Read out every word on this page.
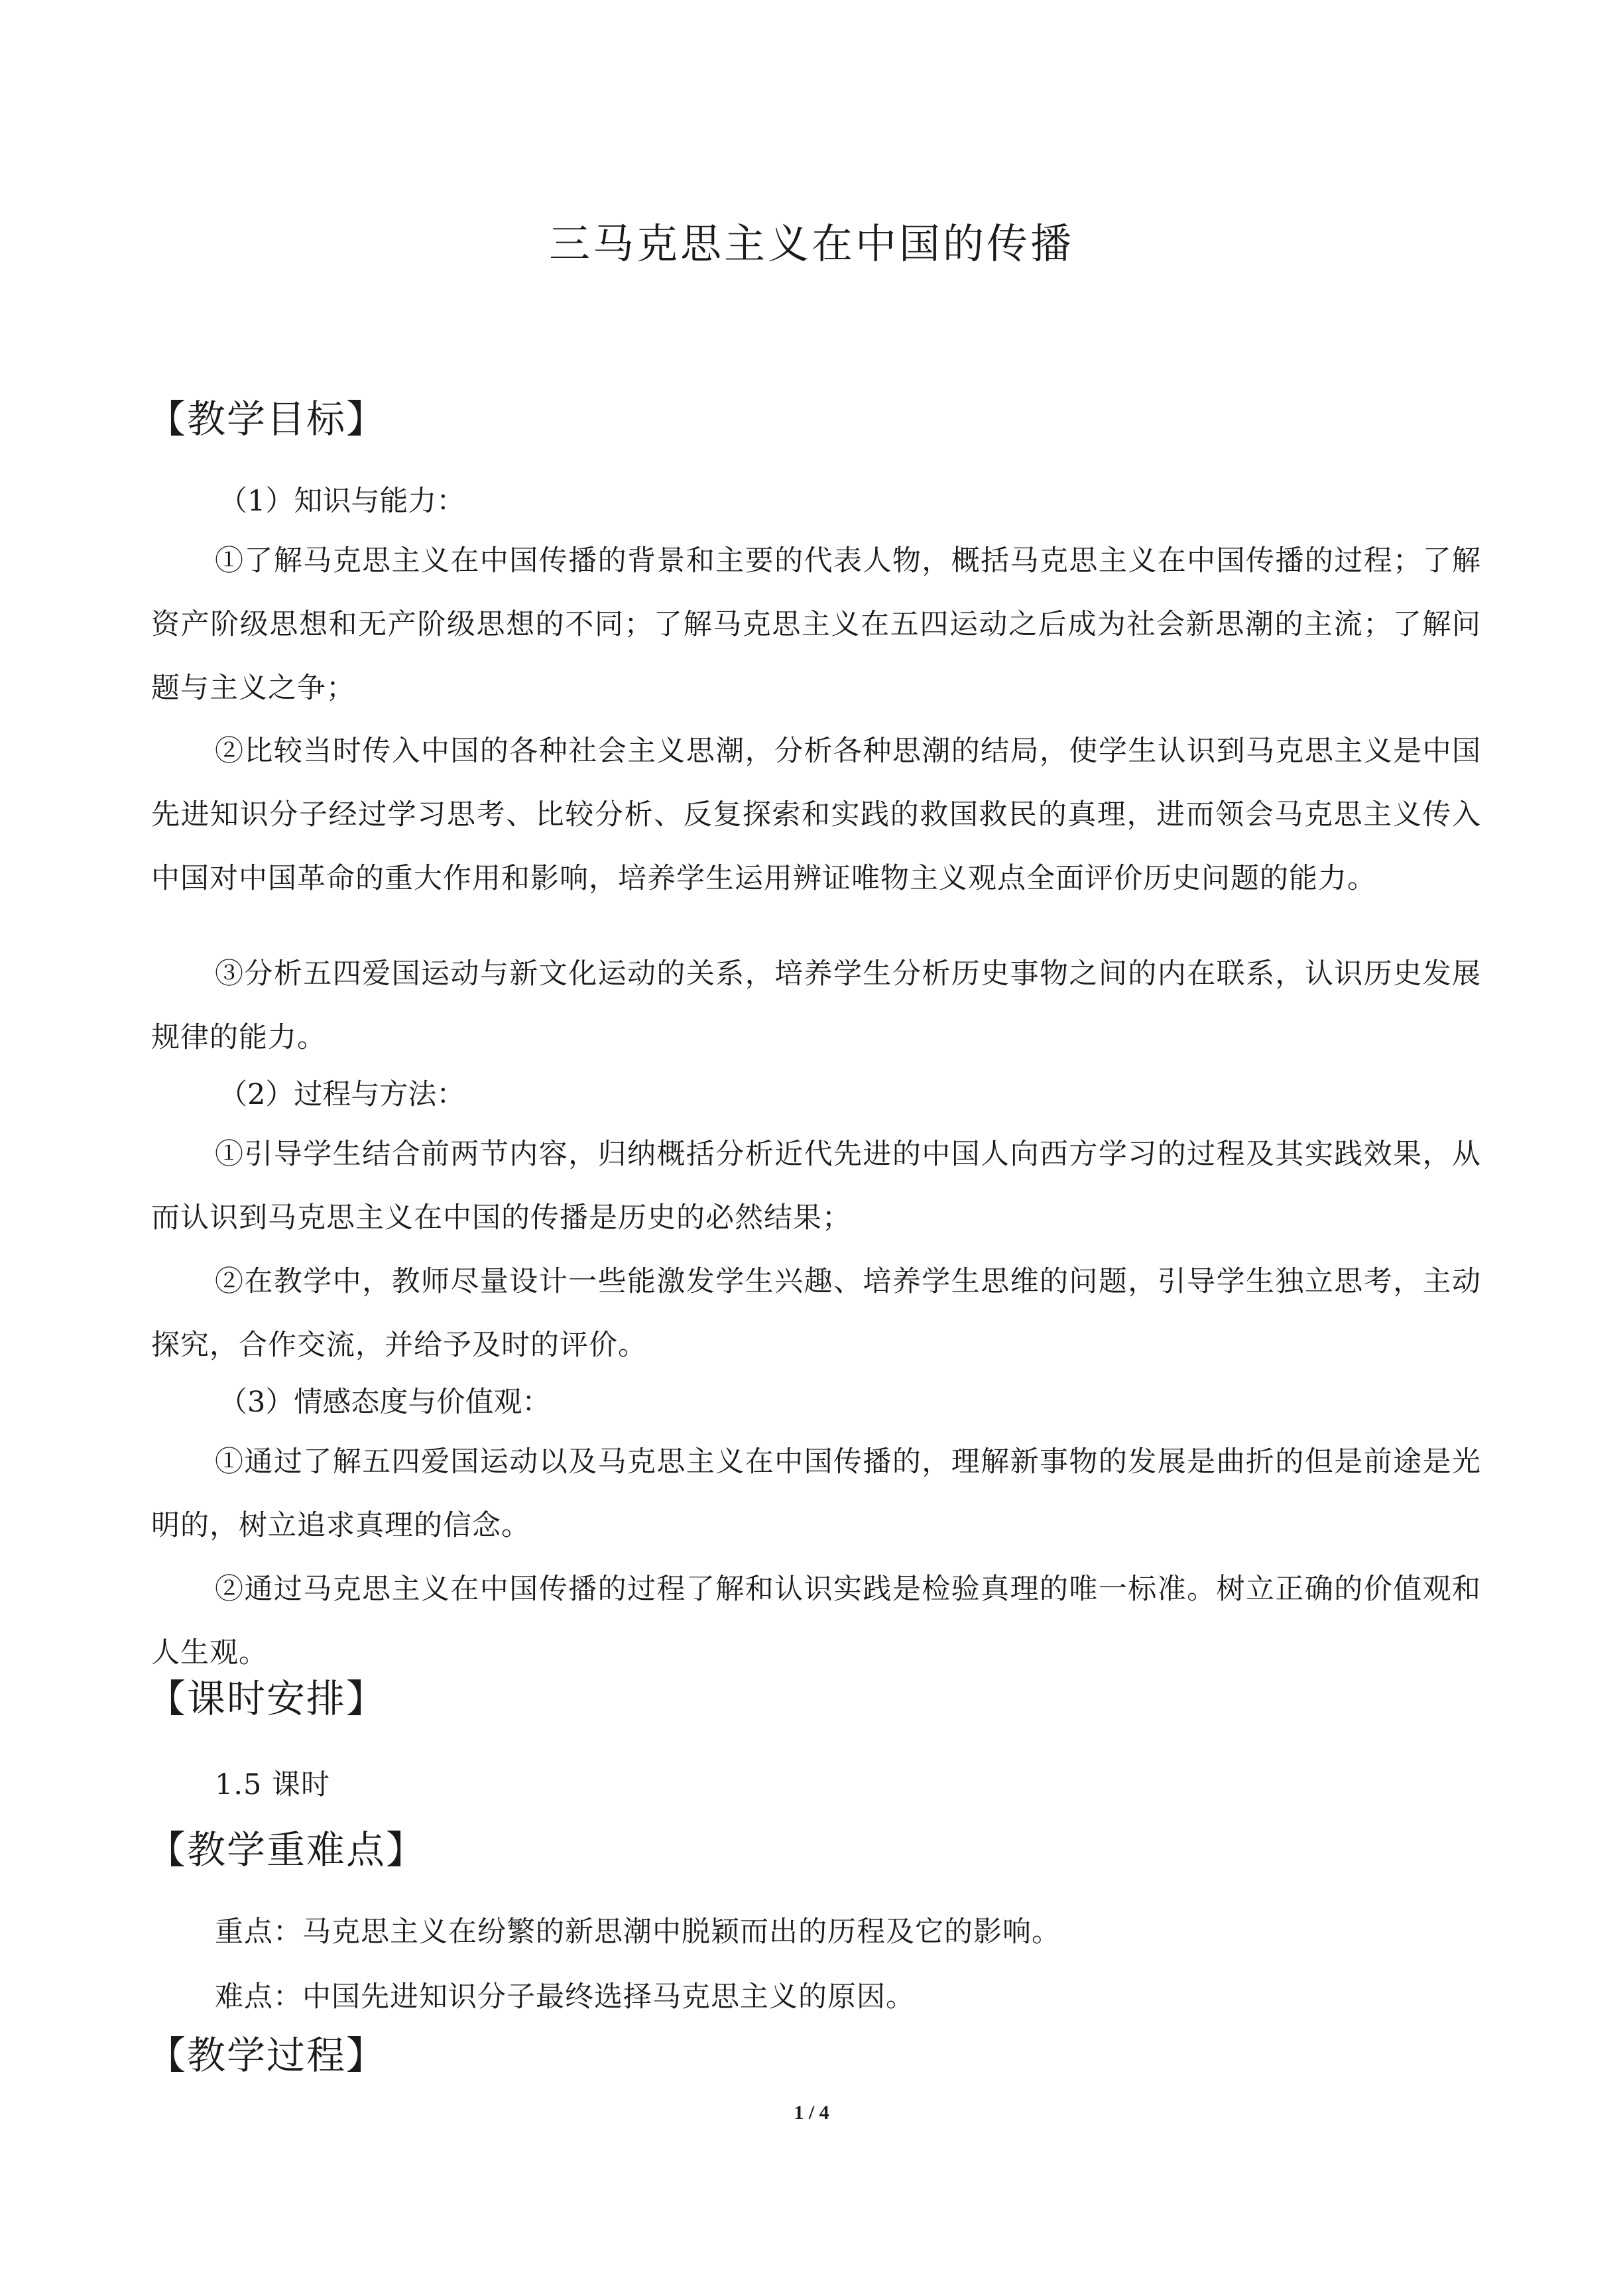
三马克思主义在中国的传播
【教学目标】
（1）知识与能力：
①了解马克思主义在中国传播的背景和主要的代表人物，概括马克思主义在中国传播的过程；了解资产阶级思想和无产阶级思想的不同；了解马克思主义在五四运动之后成为社会新思潮的主流；了解问题与主义之争；
②比较当时传入中国的各种社会主义思潮，分析各种思潮的结局，使学生认识到马克思主义是中国先进知识分子经过学习思考、比较分析、反复探索和实践的救国救民的真理，进而领会马克思主义传入中国对中国革命的重大作用和影响，培养学生运用辨证唯物主义观点全面评价历史问题的能力。
③分析五四爱国运动与新文化运动的关系，培养学生分析历史事物之间的内在联系，认识历史发展规律的能力。
（2）过程与方法：
①引导学生结合前两节内容，归纳概括分析近代先进的中国人向西方学习的过程及其实践效果，从而认识到马克思主义在中国的传播是历史的必然结果；
②在教学中，教师尽量设计一些能激发学生兴趣、培养学生思维的问题，引导学生独立思考，主动探究，合作交流，并给予及时的评价。
（3）情感态度与价值观：
①通过了解五四爱国运动以及马克思主义在中国传播的，理解新事物的发展是曲折的但是前途是光明的，树立追求真理的信念。
②通过马克思主义在中国传播的过程了解和认识实践是检验真理的唯一标准。树立正确的价值观和人生观。
【课时安排】
1.5 课时
【教学重难点】
重点：马克思主义在纷繁的新思潮中脱颖而出的历程及它的影响。
难点：中国先进知识分子最终选择马克思主义的原因。
【教学过程】
1 / 4
